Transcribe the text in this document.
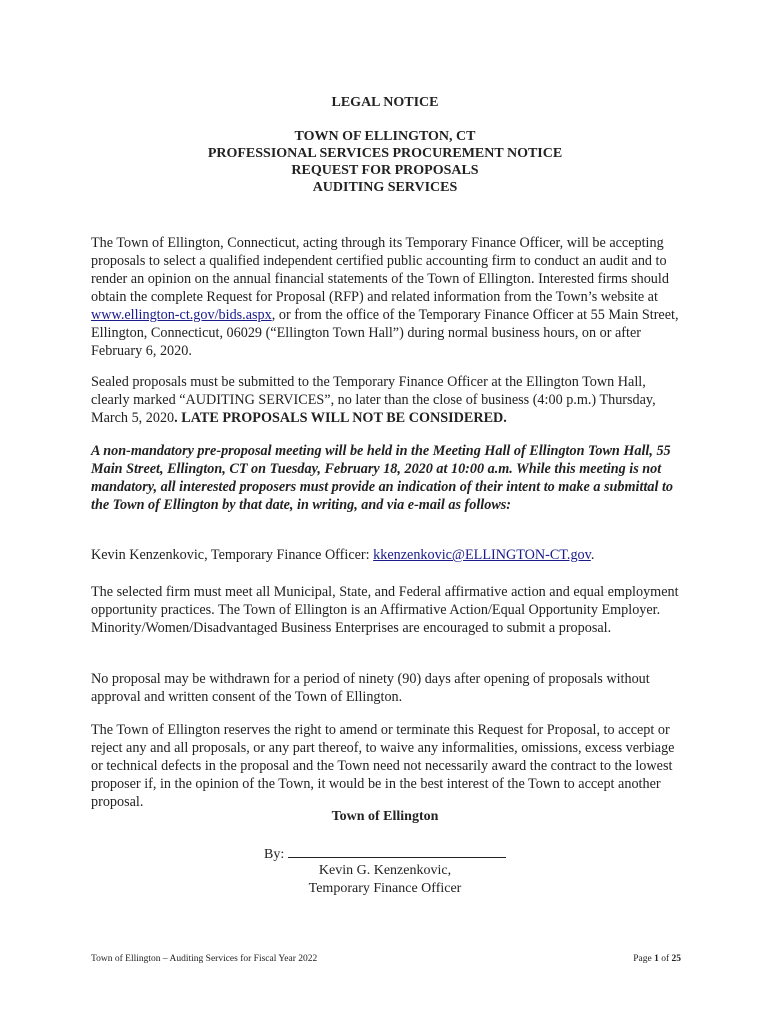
LEGAL NOTICE
TOWN OF ELLINGTON, CT
PROFESSIONAL SERVICES PROCUREMENT NOTICE
REQUEST FOR PROPOSALS
AUDITING SERVICES

The Town of Ellington, Connecticut, acting through its Temporary Finance Officer, will be accepting proposals to select a qualified independent certified public accounting firm to conduct an audit and to render an opinion on the annual financial statements of the Town of Ellington. Interested firms should obtain the complete Request for Proposal (RFP) and related information from the Town’s website at www.ellington-ct.gov/bids.aspx, or from the office of the Temporary Finance Officer at 55 Main Street, Ellington, Connecticut, 06029 (“Ellington Town Hall”) during normal business hours, on or after February 6, 2020.

Sealed proposals must be submitted to the Temporary Finance Officer at the Ellington Town Hall, clearly marked “AUDITING SERVICES”, no later than the close of business (4:00 p.m.) Thursday, March 5, 2020. LATE PROPOSALS WILL NOT BE CONSIDERED.

A non-mandatory pre-proposal meeting will be held in the Meeting Hall of Ellington Town Hall, 55 Main Street, Ellington, CT on Tuesday, February 18, 2020 at 10:00 a.m. While this meeting is not mandatory, all interested proposers must provide an indication of their intent to make a submittal to the Town of Ellington by that date, in writing, and via e-mail as follows:

Kevin Kenzenkovic, Temporary Finance Officer: kkenzenkovic@ELLINGTON-CT.gov.

The selected firm must meet all Municipal, State, and Federal affirmative action and equal employment opportunity practices. The Town of Ellington is an Affirmative Action/Equal Opportunity Employer. Minority/Women/Disadvantaged Business Enterprises are encouraged to submit a proposal.

No proposal may be withdrawn for a period of ninety (90) days after opening of proposals without approval and written consent of the Town of Ellington.

The Town of Ellington reserves the right to amend or terminate this Request for Proposal, to accept or reject any and all proposals, or any part thereof, to waive any informalities, omissions, excess verbiage or technical defects in the proposal and the Town need not necessarily award the contract to the lowest proposer if, in the opinion of the Town, it would be in the best interest of the Town to accept another proposal.

Town of Ellington
By:
Kevin G. Kenzenkovic,
Temporary Finance Officer
Town of Ellington – Auditing Services for Fiscal Year 2022	Page 1 of 25
